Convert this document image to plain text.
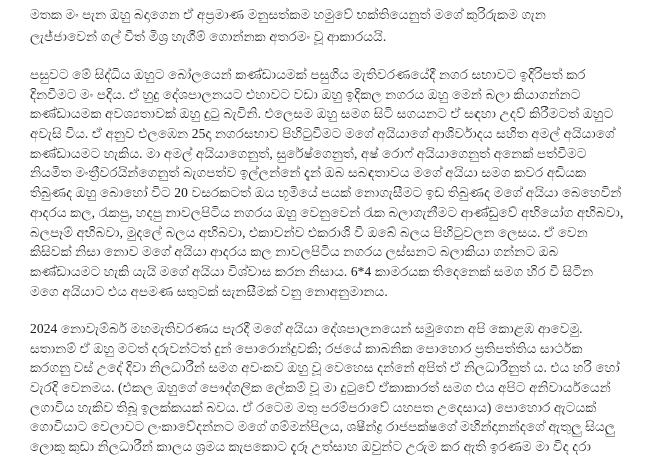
මතක මං පැන ඔහු බදාගෙන ඒ අප්‍රමාණ මනුසත්කම හමුවේ භක්තියෙනුත් මගේ කුරිරුකම ගැන
ලැජ්ජාවෙන් ගල් වීත් මිශ්‍ර හැගීම් ගොන්නක අතරමං වූ ආකාරයයි.
පසුවට මේ සිද්ධිය ඔහුට බෝලයෙන් කණ්ඩායමක් පසුගිය මැතිවරණයේදී නගර සභාවට ඉදිරිපත් කර
දිනවීමට මං පදිය. ඒ හුදු දේශපාලනයට එහාවට වඩා ඔහු ඉදිකල නගරය ඔහු මෙන් බලා කියාගන්නට
කණ්ඩායමක අවශ්‍යතාවක් ඔහු දුටු බැවිනි. එලෙසම ඔහු සමග සිටි සගයනට ඒ සඳහා උදව් කිරීමටත් ඔහුට
අවැසි විය. ඒ අනුව එලඹෙන 25දා නගරසභාව පිහිටුවීමට මගේ අයියාගේ ආශිර්වාදය සහිත අමල් අයියාගේ
කණ්ඩායමට හැකිය. මා අමල් අයියාගෙනුත්, සුරේෂ්ගෙනුත්, අෂ් රොෆ් අයියාගෙනුත් අනෙක් පත්වීමට
නියමිත මංත්‍රීවරයින්ගෙනුත් බැගපත්ව ඉල්ලන්නේ දැන් ඔබ සබඳතාවය මගේ අයියා සමග කවර අඩියක
තිබුණද ඔහු බොහෝ විට 20 වසරකටත් ඔය භූමියේ පයක් නොගැසීමට ඉඩ තිබුණද මගේ අයියා බෙහෙවින්
ආදරය කල, රැකපු, හදපු නාවලපිටිය නගරය ඔහු වෙනුවෙන් රැක බලාගැනීමට ආණ්ඩුවේ අභියෝග අභිබවා,
බලපෑම් අභිබවා, මුදලේ බලය අභිබවා, එකාවන්ව එකරාශි වී ඔබේ බලය පිහිටුවලන ලෙසය. ඒ වෙන
කිසිවක් නිසා නොව මගේ අයියා ආදරය කල නාවලපිටිය නගරය ලස්සනට බලාකියා ගන්නට ඔබ
කණ්ඩායමට හැකි යැයි මගේ අයියා විශ්වාස කරන නිසාය. 6*4 කාමරයක තිදෙනෙක් සමග හිර වී සිටින
මගෙ අයියාට එය අපමණ සතුටක් සැනසීමක් වනු නොඅනුමානය.
2024 නොවැම්බර් මහමැතිවරණය පැරදී මගේ අයියා දේශපාලනයෙන් සමුගෙන අපි කොළඹ ආවෙමු.
සතානම් ඒ ඔහු මටත් දරුවන්ටත් දුන් පොරොන්දුවකි; රජයේ කාබනික පොහොර ප්‍රතිපත්තිය සාර්ථක
කරගනු වස් උදේ දිවා නිලධාරීන් සමග අවංකව ඔහු වූ වෙහෙස දන්නේ අපිත් ඒ නිලධාරීනුත් ය. එය හරි හෝ
වැරදි වෙනමය. (එකල ඔහුගේ පෞද්ගලික ලේකම් වූ මා දුටුවේ ඒකාකාරත් සමග එය අපිට අනිවාර්යයෙන්
ලගාවිය හැකිව තිබූ ඉලක්කයක් බවය. ඒ රටෙම මතු පරම්පරාවේ යහපත උදෙසාය) පොහොර ඇටයක්
ගොවියාට වෙලාවට ලංකාවේදන්නට මගේ ගම්මන්පිලය, ශෂීන්ද්‍ර රාජපක්ෂගේ මහින්දානන්දගේ ඇතුලු සියලු
ලොකු කුඩා නිලධාරීන් කාලය ශ්‍රමය කැපකොට දැරූ උත්සාහ ඔවුන්ට උරුම කර ඇති ඉරණම මා විද දරා
